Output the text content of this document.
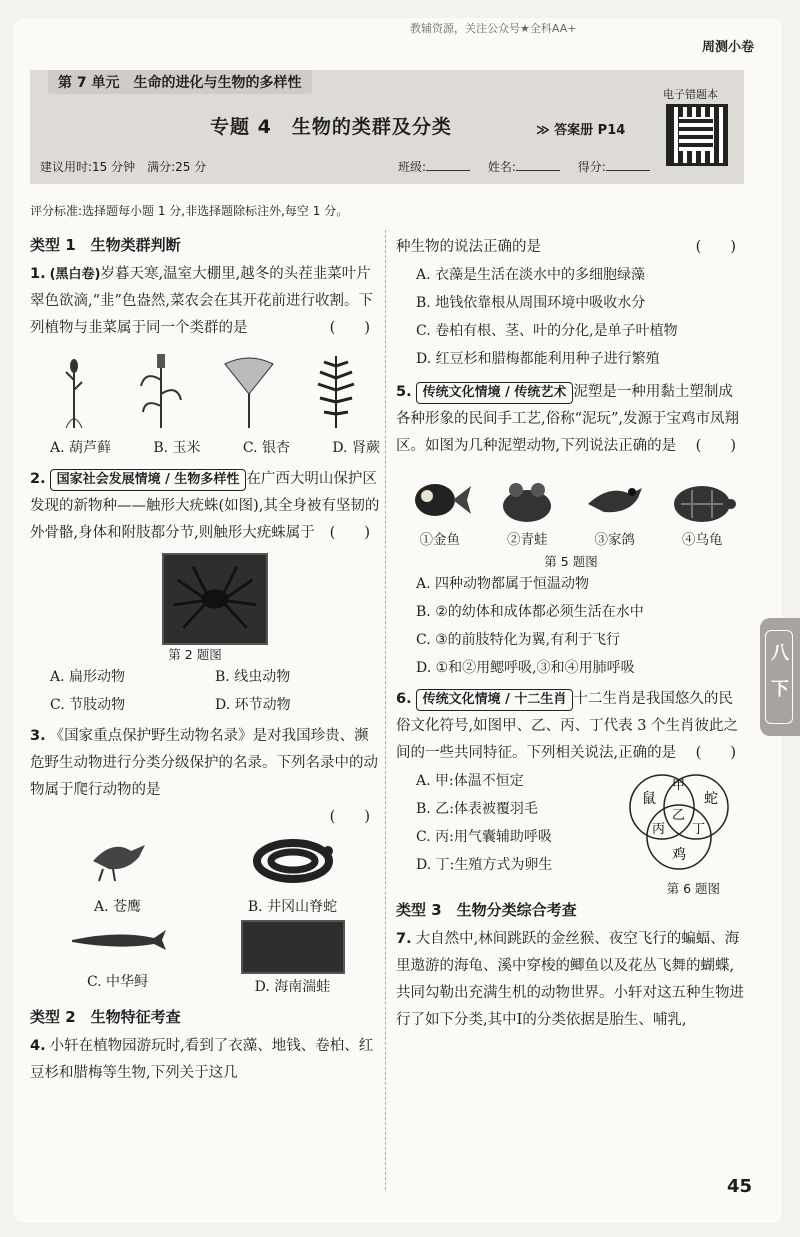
教辅资源，关注公众号★全科AA+
周测小卷
第 7 单元　生命的进化与生物的多样性
专题 4　生物的类群及分类	≫ 答案册 P14
电子错题本
建议用时:15 分钟　满分:25 分	班级:	姓名:	得分:
评分标准:选择题每小题 1 分,非选择题除标注外,每空 1 分。
类型 1　生物类群判断
1. (黑白卷)岁暮天寒,温室大棚里,越冬的头茬韭菜叶片翠色欲滴,“韭”色盎然,菜农会在其开花前进行收割。下列植物与韭菜属于同一个类群的是	(　　)
A. 葫芦藓	B. 玉米	C. 银杏	D. 肾蕨
2. 国家社会发展情境 / 生物多样性 在广西大明山保护区发现的新物种——触形大疣蛛(如图),其全身被有坚韧的外骨骼,身体和附肢都分节,则触形大疣蛛属于 (　　)
第 2 题图
A. 扁形动物	B. 线虫动物
C. 节肢动物	D. 环节动物
3. 《国家重点保护野生动物名录》是对我国珍贵、濒危野生动物进行分类分级保护的名录。下列名录中的动物属于爬行动物的是
(　　)
A. 苍鹰	B. 井冈山脊蛇
C. 中华鲟	D. 海南湍蛙
类型 2　生物特征考查
4. 小轩在植物园游玩时,看到了衣藻、地钱、卷柏、红豆杉和腊梅等生物,下列关于这几
种生物的说法正确的是	(　　)
A. 衣藻是生活在淡水中的多细胞绿藻
B. 地钱依靠根从周围环境中吸收水分
C. 卷柏有根、茎、叶的分化,是单子叶植物
D. 红豆杉和腊梅都能利用种子进行繁殖
5. 传统文化情境 / 传统艺术 泥塑是一种用黏土塑制成各种形象的民间手工艺,俗称“泥玩”,发源于宝鸡市凤翔区。如图为几种泥塑动物,下列说法正确的是 (　　)
①金鱼	②青蛙	③家鸽	④乌龟
第 5 题图
A. 四种动物都属于恒温动物
B. ②的幼体和成体都必须生活在水中
C. ③的前肢特化为翼,有利于飞行
D. ①和②用鳃呼吸,③和④用肺呼吸
6. 传统文化情境 / 十二生肖 十二生肖是我国悠久的民俗文化符号,如图甲、乙、丙、丁代表 3 个生肖彼此之间的一些共同特征。下列相关说法,正确的是 (　　)
A. 甲:体温不恒定
B. 乙:体表被覆羽毛
C. 丙:用气囊辅助呼吸
D. 丁:生殖方式为卵生
鼠	蛇
甲
乙
丙 丁
鸡
第 6 题图
类型 3　生物分类综合考查
7. 大自然中,林间跳跃的金丝猴、夜空飞行的蝙蝠、海里遨游的海龟、溪中穿梭的鲫鱼以及花丛飞舞的蝴蝶,共同勾勒出充满生机的动物世界。小轩对这五种生物进行了如下分类,其中Ⅰ的分类依据是胎生、哺乳,
八
下
45
